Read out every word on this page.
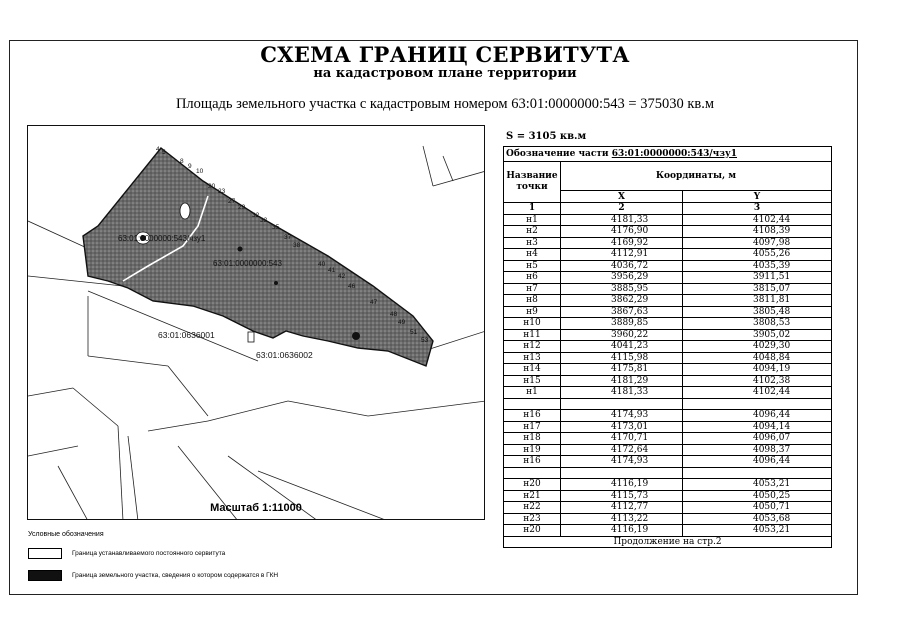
СХЕМА ГРАНИЦ СЕРВИТУТА
на кадастровом плане территории
Площадь земельного участка с кадастровым номером 63:01:0000000:543 = 375030 кв.м
63:01:0000000:543/чзу1
63:01:0000000:543
63:01:0636001
63:01:0636002
4 5
8
9
10
20
23
27
29
32
33
35
37
38
40
41
42
46
47
48
49
51
53
Масштаб 1:11000
Условные обозначения
Граница устанавливаемого постоянного сервитута
Граница земельного участка, сведения о котором содержатся в ГКН
S = 3105 кв.м
Обозначение части 63:01:0000000:543/чзу1		
Название точки	Координаты, м	
	X	Y
1	2	3
н1	4181,33	4102,44
н2	4176,90	4108,39
н3	4169,92	4097,98
н4	4112,91	4055,26
н5	4036,72	4035,39
н6	3956,29	3911,51
н7	3885,95	3815,07
н8	3862,29	3811,81
н9	3867,63	3805,48
н10	3889,85	3808,53
н11	3960,22	3905,02
н12	4041,23	4029,30
н13	4115,98	4048,84
н14	4175,81	4094,19
н15	4181,29	4102,38
н1	4181,33	4102,44

н16	4174,93	4096,44
н17	4173,01	4094,14
н18	4170,71	4096,07
н19	4172,64	4098,37
н16	4174,93	4096,44

н20	4116,19	4053,21
н21	4115,73	4050,25
н22	4112,77	4050,71
н23	4113,22	4053,68
н20	4116,19	4053,21
Продолжение на стр.2		
